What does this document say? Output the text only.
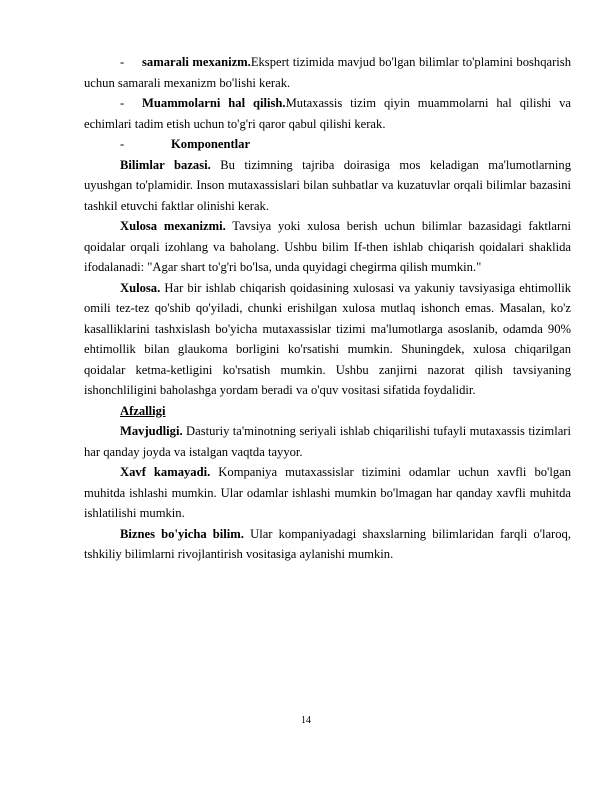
- samarali mexanizm.Ekspert tizimida mavjud bo'lgan bilimlar to'plamini boshqarish uchun samarali mexanizm bo'lishi kerak.

- Muammolarni hal qilish.Mutaxassis tizim qiyin muammolarni hal qilishi va echimlari tadim etish uchun to'g'ri qaror qabul qilishi kerak.

-	Komponentlar

Bilimlar bazasi. Bu tizimning tajriba doirasiga mos keladigan ma'lumotlarning uyushgan to'plamidir. Inson mutaxassislari bilan suhbatlar va kuzatuvlar orqali bilimlar bazasini tashkil etuvchi faktlar olinishi kerak.

Xulosa mexanizmi. Tavsiya yoki xulosa berish uchun bilimlar bazasidagi faktlarni qoidalar orqali izohlang va baholang. Ushbu bilim If-then ishlab chiqarish qoidalari shaklida ifodalanadi: "Agar shart to'g'ri bo'lsa, unda quyidagi chegirma qilish mumkin."

Xulosa. Har bir ishlab chiqarish qoidasining xulosasi va yakuniy tavsiyasiga ehtimollik omili tez-tez qo'shib qo'yiladi, chunki erishilgan xulosa mutlaq ishonch emas. Masalan, ko'z kasalliklarini tashxislash bo'yicha mutaxassislar tizimi ma'lumotlarga asoslanib, odamda 90% ehtimollik bilan glaukoma borligini ko'rsatishi mumkin. Shuningdek, xulosa chiqarilgan qoidalar ketma-ketligini ko'rsatish mumkin. Ushbu zanjirni nazorat qilish tavsiyaning ishonchliligini baholashga yordam beradi va o'quv vositasi sifatida foydalidir.

Afzalligi

Mavjudligi. Dasturiy ta'minotning seriyali ishlab chiqarilishi tufayli mutaxassis tizimlari har qanday joyda va istalgan vaqtda tayyor.

Xavf kamayadi. Kompaniya mutaxassislar tizimini odamlar uchun xavfli bo'lgan muhitda ishlashi mumkin. Ular odamlar ishlashi mumkin bo'lmagan har qanday xavfli muhitda ishlatilishi mumkin.

Biznes bo'yicha bilim. Ular kompaniyadagi shaxslarning bilimlaridan farqli o'laroq, tshkiliy bilimlarni rivojlantirish vositasiga aylanishi mumkin.

14
